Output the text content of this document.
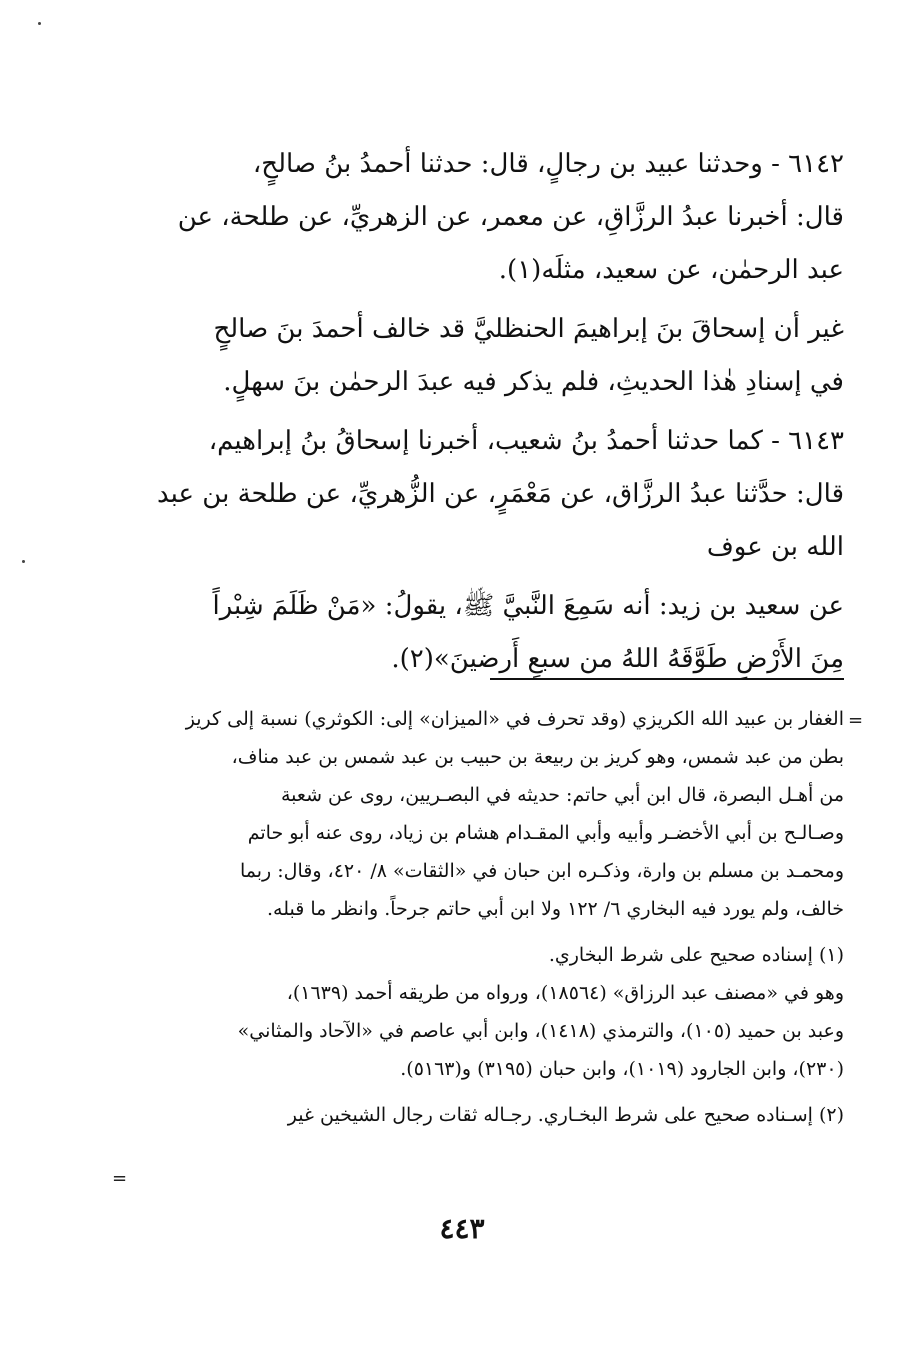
٦١٤٢ - وحدثنا عبيد بن رجالٍ، قال: حدثنا أحمدُ بنُ صالحٍ،

قال: أخبرنا عبدُ الرزَّاقِ، عن معمر، عن الزهريِّ، عن طلحة، عن

عبد الرحمٰن، عن سعيد، مثلَه(١).

غير أن إسحاقَ بنَ إبراهيمَ الحنظليَّ قد خالف أحمدَ بنَ صالحٍ

في إسنادِ هٰذا الحديثِ، فلم يذكر فيه عبدَ الرحمٰن بنَ سهلٍ.

٦١٤٣ - كما حدثنا أحمدُ بنُ شعيب، أخبرنا إسحاقُ بنُ إبراهيم،

قال: حدَّثنا عبدُ الرزَّاق، عن مَعْمَرٍ، عن الزُّهريِّ، عن طلحة بن عبد

الله بن عوف

عن سعيد بن زيد: أنه سَمِعَ النَّبيَّ ﷺ، يقولُ: «مَنْ ظَلَمَ شِبْراً

مِنَ الأَرْضِ طَوَّقَهُ اللهُ من سبعِ أَرضينَ»(٢).

=

الغفار بن عبيد الله الكريزي (وقد تحرف في «الميزان» إلى: الكوثري) نسبة إلى كريز

بطن من عبد شمس، وهو كريز بن ربيعة بن حبيب بن عبد شمس بن عبد مناف،

من أهـل البصرة، قال ابن أبي حاتم: حديثه في البصـريين، روى عن شعبة

وصـالـح بن أبي الأخضـر وأبيه وأبي المقـدام هشام بن زياد، روى عنه أبو حاتم

ومحمـد بن مسلم بن وارة، وذكـره ابن حبان في «الثقات» ٨/ ٤٢٠، وقال: ربما

خالف، ولم يورد فيه البخاري ٦/ ١٢٢ ولا ابن أبي حاتم جرحاً. وانظر ما قبله.

(١) إسناده صحيح على شرط البخاري.

وهو في «مصنف عبد الرزاق» (١٨٥٦٤)، ورواه من طريقه أحمد (١٦٣٩)،

وعبد بن حميد (١٠٥)، والترمذي (١٤١٨)، وابن أبي عاصم في «الآحاد والمثاني»

(٢٣٠)، وابن الجارود (١٠١٩)، وابن حبان (٣١٩٥) و(٥١٦٣).

(٢) إسـناده صحيح على شرط البخـاري. رجـاله ثقات رجال الشيخين غير

=
٤٤٣
